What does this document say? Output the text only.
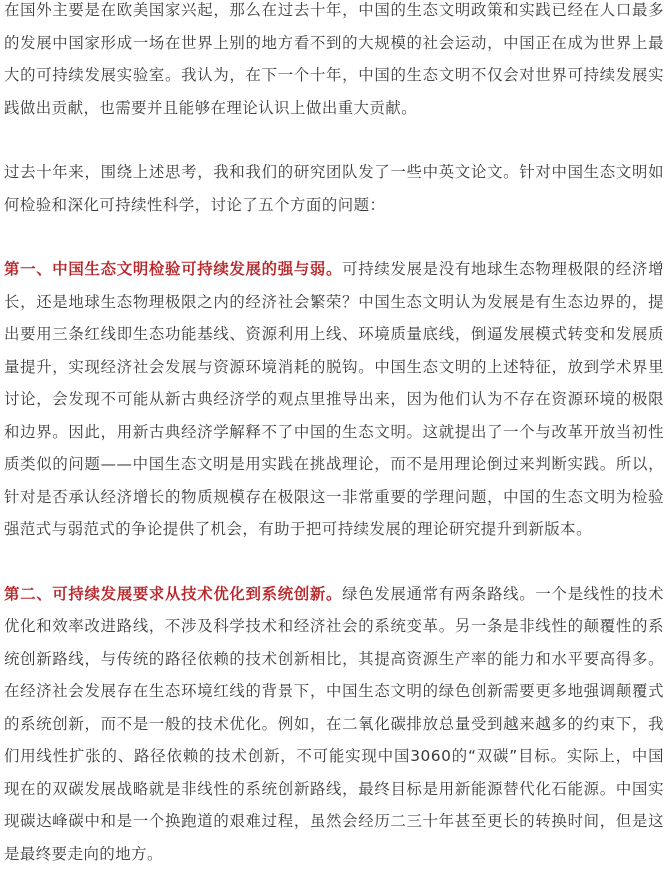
在国外主要是在欧美国家兴起，那么在过去十年，中国的生态文明政策和实践已经在人口最多的发展中国家形成一场在世界上别的地方看不到的大规模的社会运动，中国正在成为世界上最大的可持续发展实验室。我认为，在下一个十年，中国的生态文明不仅会对世界可持续发展实践做出贡献，也需要并且能够在理论认识上做出重大贡献。

过去十年来，围绕上述思考，我和我们的研究团队发了一些中英文论文。针对中国生态文明如何检验和深化可持续性科学，讨论了五个方面的问题：

第一、中国生态文明检验可持续发展的强与弱。可持续发展是没有地球生态物理极限的经济增长，还是地球生态物理极限之内的经济社会繁荣？中国生态文明认为发展是有生态边界的，提出要用三条红线即生态功能基线、资源利用上线、环境质量底线，倒逼发展模式转变和发展质量提升，实现经济社会发展与资源环境消耗的脱钩。中国生态文明的上述特征，放到学术界里讨论，会发现不可能从新古典经济学的观点里推导出来，因为他们认为不存在资源环境的极限和边界。因此，用新古典经济学解释不了中国的生态文明。这就提出了一个与改革开放当初性质类似的问题——中国生态文明是用实践在挑战理论，而不是用理论倒过来判断实践。所以，针对是否承认经济增长的物质规模存在极限这一非常重要的学理问题，中国的生态文明为检验强范式与弱范式的争论提供了机会，有助于把可持续发展的理论研究提升到新版本。

第二、可持续发展要求从技术优化到系统创新。绿色发展通常有两条路线。一个是线性的技术优化和效率改进路线，不涉及科学技术和经济社会的系统变革。另一条是非线性的颠覆性的系统创新路线，与传统的路径依赖的技术创新相比，其提高资源生产率的能力和水平要高得多。在经济社会发展存在生态环境红线的背景下，中国生态文明的绿色创新需要更多地强调颠覆式的系统创新，而不是一般的技术优化。例如，在二氧化碳排放总量受到越来越多的约束下，我们用线性扩张的、路径依赖的技术创新，不可能实现中国3060的“双碳”目标。实际上，中国现在的双碳发展战略就是非线性的系统创新路线，最终目标是用新能源替代化石能源。中国实现碳达峰碳中和是一个换跑道的艰难过程，虽然会经历二三十年甚至更长的转换时间，但是这是最终要走向的地方。
